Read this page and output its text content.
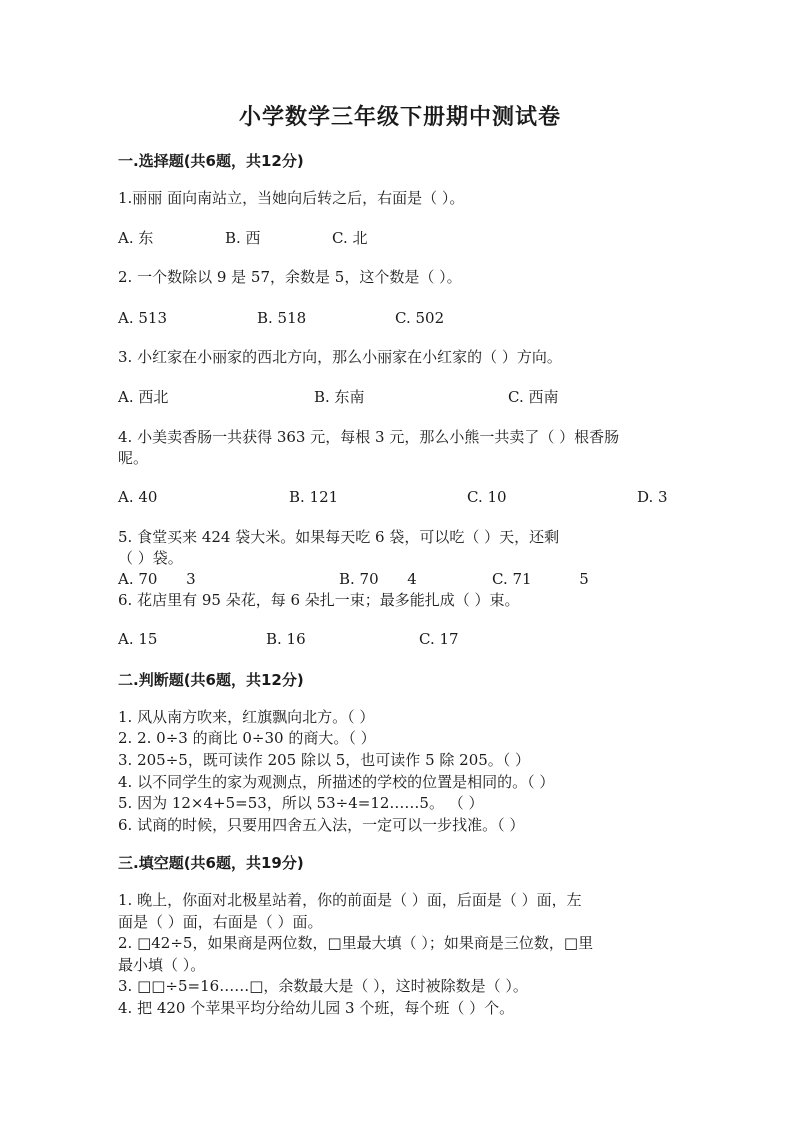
小学数学三年级下册期中测试卷
一.选择题(共6题，共12分)
1.丽丽 面向南站立，当她向后转之后，右面是（ ）。
A. 东	B. 西	C. 北
2. 一个数除以 9 是 57，余数是 5，这个数是（ ）。
A. 513	B. 518	C. 502
3. 小红家在小丽家的西北方向，那么小丽家在小红家的（ ）方向。
A. 西北	B. 东南	C. 西南
4. 小美卖香肠一共获得 363 元，每根 3 元，那么小熊一共卖了（ ）根香肠
呢。
A. 40	B. 121	C. 10	D. 3
5. 食堂买来 424 袋大米。如果每天吃 6 袋，可以吃（ ）天，还剩
（ ）袋。
A. 70      3	B. 70      4	C. 71          5
6. 花店里有 95 朵花，每 6 朵扎一束；最多能扎成（ ）束。
A. 15	B. 16	C. 17
二.判断题(共6题，共12分)
1. 风从南方吹来，红旗飘向北方。（ ）
2. 2. 0÷3 的商比 0÷30 的商大。（ ）
3. 205÷5，既可读作 205 除以 5，也可读作 5 除 205。（ ）
4. 以不同学生的家为观测点，所描述的学校的位置是相同的。（ ）
5. 因为 12×4+5=53，所以 53÷4=12……5。 （ ）
6. 试商的时候，只要用四舍五入法，一定可以一步找准。（ ）
三.填空题(共6题，共19分)
1. 晚上，你面对北极星站着，你的前面是（ ）面，后面是（ ）面，左
面是（ ）面，右面是（ ）面。
2. □42÷5，如果商是两位数，□里最大填（ ）；如果商是三位数，□里
最小填（ ）。
3. □□÷5=16……□，余数最大是（ ），这时被除数是（ ）。
4. 把 420 个苹果平均分给幼儿园 3 个班，每个班（ ）个。
